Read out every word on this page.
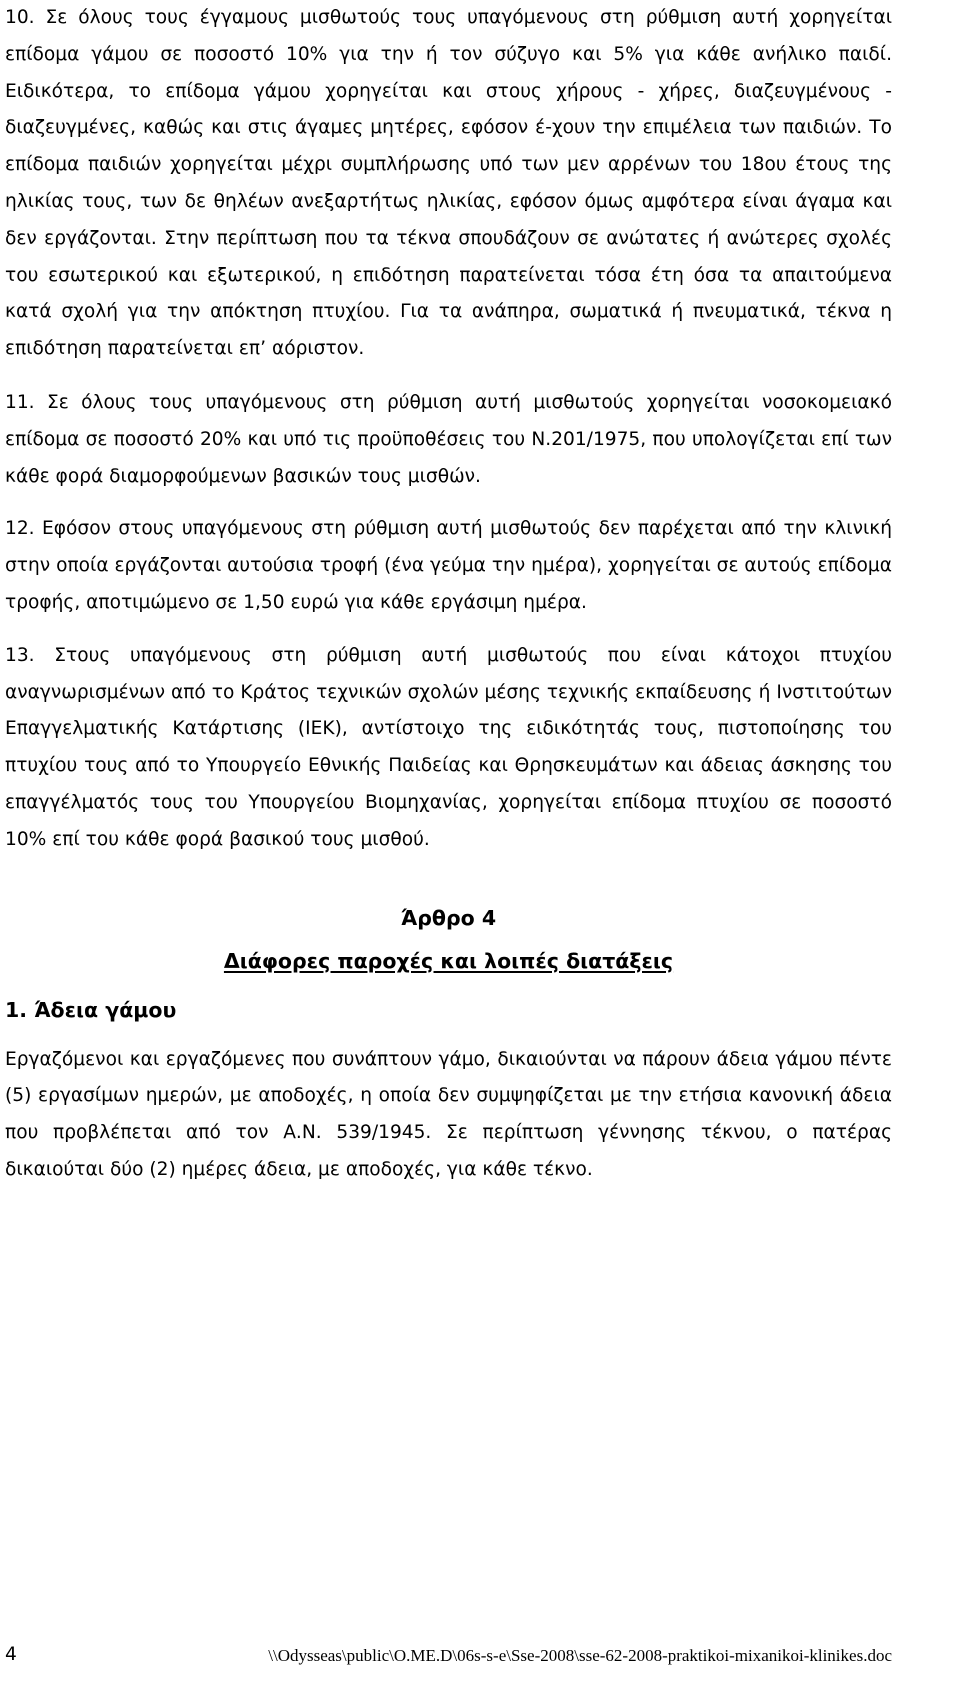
10. Σε όλους τους έγγαμους μισθωτούς τους υπαγόμενους στη ρύθμιση αυτή χορηγείται επίδομα γάμου σε ποσοστό 10% για την ή τον σύζυγο και 5% για κάθε ανήλικο παιδί. Ειδικότερα, το επίδομα γάμου χορηγείται και στους χήρους - χήρες, διαζευγμένους - διαζευγμένες, καθώς και στις άγαμες μητέρες, εφόσον έ-χουν την επιμέλεια των παιδιών. Το επίδομα παιδιών χορηγείται μέχρι συμπλήρωσης υπό των μεν αρρένων του 18ου έτους της ηλικίας τους, των δε θηλέων ανεξαρτήτως ηλικίας, εφόσον όμως αμφότερα είναι άγαμα και δεν εργάζονται. Στην περίπτωση που τα τέκνα σπουδάζουν σε ανώτατες ή ανώτερες σχολές του εσωτερικού και εξωτερικού, η επιδότηση παρατείνεται τόσα έτη όσα τα απαιτούμενα κατά σχολή για την απόκτηση πτυχίου. Για τα ανάπηρα, σωματικά ή πνευματικά, τέκνα η επιδότηση παρατείνεται επ’ αόριστον.

11. Σε όλους τους υπαγόμενους στη ρύθμιση αυτή μισθωτούς χορηγείται νοσοκομειακό επίδομα σε ποσοστό 20% και υπό τις προϋποθέσεις του Ν.201/1975, που υπολογίζεται επί των κάθε φορά διαμορφούμενων βασικών τους μισθών.

12. Εφόσον στους υπαγόμενους στη ρύθμιση αυτή μισθωτούς δεν παρέχεται από την κλινική στην οποία εργάζονται αυτούσια τροφή (ένα γεύμα την ημέρα), χορηγείται σε αυτούς επίδομα τροφής, αποτιμώμενο σε 1,50 ευρώ για κάθε εργάσιμη ημέρα.

13. Στους υπαγόμενους στη ρύθμιση αυτή μισθωτούς που είναι κάτοχοι πτυχίου αναγνωρισμένων από το Κράτος τεχνικών σχολών μέσης τεχνικής εκπαίδευσης ή Ινστιτούτων Επαγγελματικής Κατάρτισης (ΙΕΚ), αντίστοιχο της ειδικότητάς τους, πιστοποίησης του πτυχίου τους από το Υπουργείο Εθνικής Παιδείας και Θρησκευμάτων και άδειας άσκησης του επαγγέλματός τους του Υπουργείου Βιομηχανίας, χορηγείται επίδομα πτυχίου σε ποσοστό 10% επί του κάθε φορά βασικού τους μισθού.

Άρθρο 4
Διάφορες παροχές και λοιπές διατάξεις
1. Άδεια γάμου

Εργαζόμενοι και εργαζόμενες που συνάπτουν γάμο, δικαιούνται να πάρουν άδεια γάμου πέντε (5) εργασίμων ημερών, με αποδοχές, η οποία δεν συμψηφίζεται με την ετήσια κανονική άδεια που προβλέπεται από τον Α.Ν. 539/1945. Σε περίπτωση γέννησης τέκνου, ο πατέρας δικαιούται δύο (2) ημέρες άδεια, με αποδοχές, για κάθε τέκνο.

4	\\Odysseas\public\O.ME.D\06s-s-e\Sse-2008\sse-62-2008-praktikoi-mixanikoi-klinikes.doc
